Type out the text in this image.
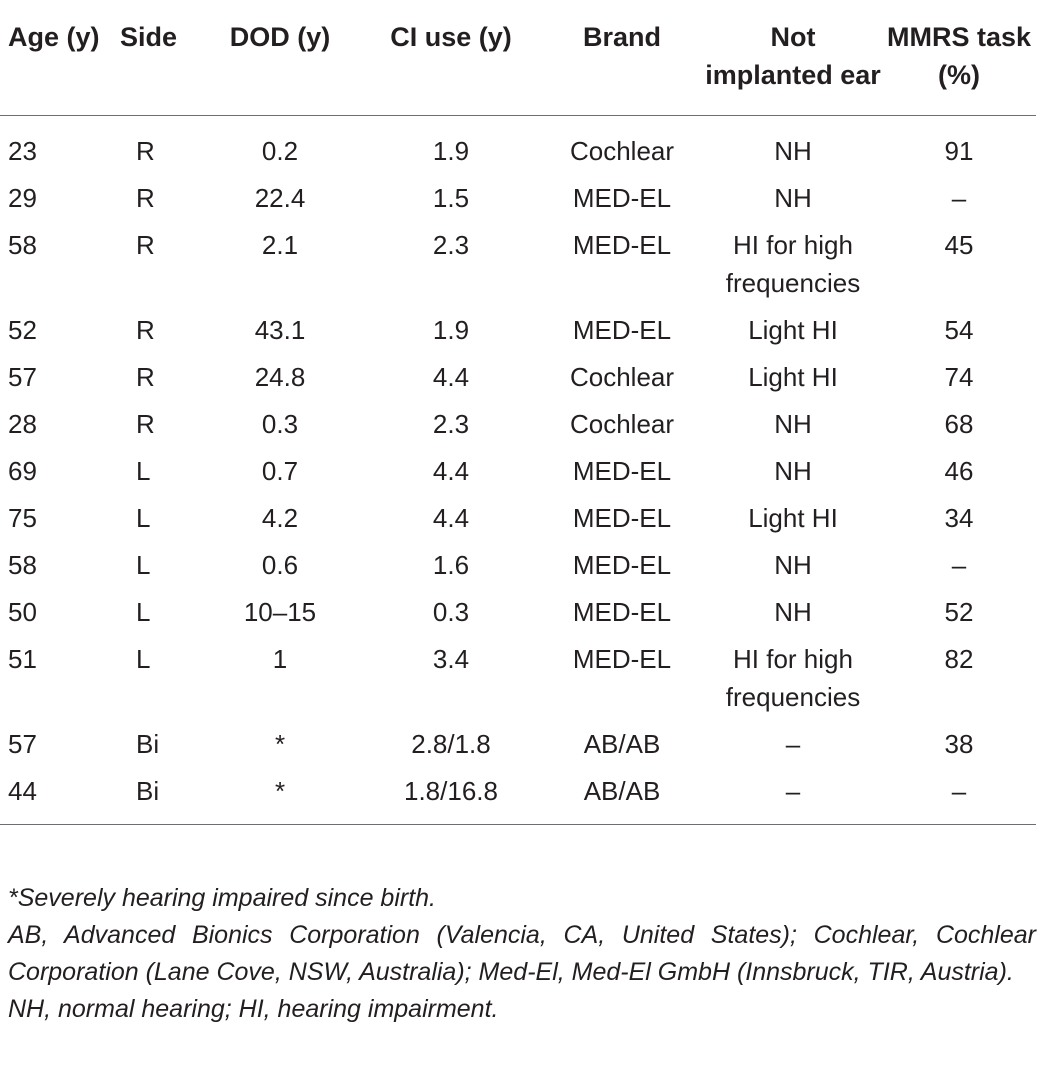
Age (y)	Side	DOD (y)	CI use (y)	Brand	Not implanted ear	MMRS task (%)
23	R	0.2	1.9	Cochlear	NH	91
29	R	22.4	1.5	MED-EL	NH	–
58	R	2.1	2.3	MED-EL	HI for high frequencies	45
52	R	43.1	1.9	MED-EL	Light HI	54
57	R	24.8	4.4	Cochlear	Light HI	74
28	R	0.3	2.3	Cochlear	NH	68
69	L	0.7	4.4	MED-EL	NH	46
75	L	4.2	4.4	MED-EL	Light HI	34
58	L	0.6	1.6	MED-EL	NH	–
50	L	10–15	0.3	MED-EL	NH	52
51	L	1	3.4	MED-EL	HI for high frequencies	82
57	Bi	*	2.8/1.8	AB/AB	–	38
44	Bi	*	1.8/16.8	AB/AB	–	–

*Severely hearing impaired since birth.

AB, Advanced Bionics Corporation (Valencia, CA, United States); Cochlear, Cochlear Corporation (Lane Cove, NSW, Australia); Med-El, Med-El GmbH (Innsbruck, TIR, Austria).

NH, normal hearing; HI, hearing impairment.
